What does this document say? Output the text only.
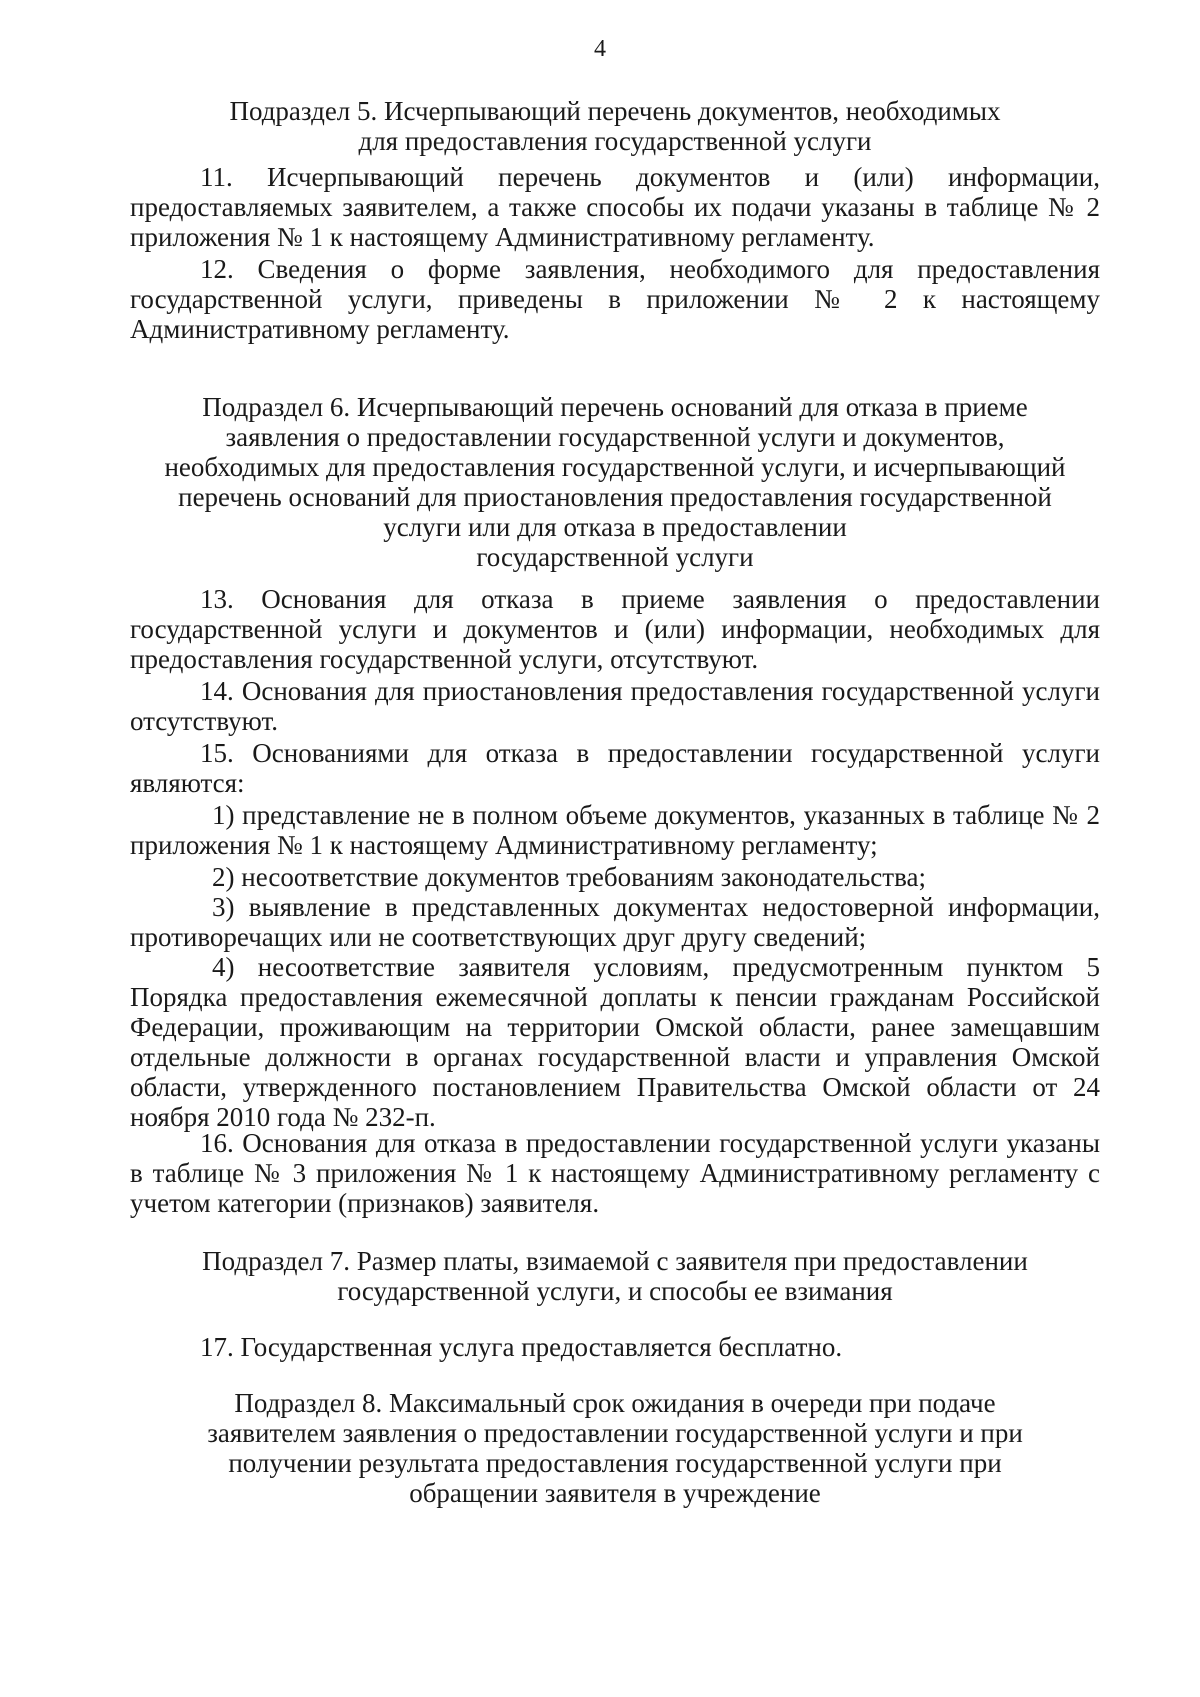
4
Подраздел 5. Исчерпывающий перечень документов, необходимых
для предоставления государственной услуги

11. Исчерпывающий перечень документов и (или) информации, предоставляемых заявителем, а также способы их подачи указаны в таблице № 2 приложения № 1 к настоящему Административному регламенту.

12. Сведения о форме заявления, необходимого для предоставления государственной услуги, приведены в приложении № 2 к настоящему Административному регламенту.

Подраздел 6. Исчерпывающий перечень оснований для отказа в приеме
заявления о предоставлении государственной услуги и документов,
необходимых для предоставления государственной услуги, и исчерпывающий
перечень оснований для приостановления предоставления государственной
услуги или для отказа в предоставлении
государственной услуги

13. Основания для отказа в приеме заявления о предоставлении государственной услуги и документов и (или) информации, необходимых для предоставления государственной услуги, отсутствуют.

14. Основания для приостановления предоставления государственной услуги отсутствуют.

15. Основаниями для отказа в предоставлении государственной услуги являются:

1) представление не в полном объеме документов, указанных в таблице № 2 приложения № 1 к настоящему Административному регламенту;

2) несоответствие документов требованиям законодательства;

3) выявление в представленных документах недостоверной информации, противоречащих или не соответствующих друг другу сведений;

4) несоответствие заявителя условиям, предусмотренным пунктом 5 Порядка предоставления ежемесячной доплаты к пенсии гражданам Российской Федерации, проживающим на территории Омской области, ранее замещавшим отдельные должности в органах государственной власти и управления Омской области, утвержденного постановлением Правительства Омской области от 24 ноября 2010 года № 232-п.

16. Основания для отказа в предоставлении государственной услуги указаны в таблице № 3 приложения № 1 к настоящему Административному регламенту с учетом категории (признаков) заявителя.

Подраздел 7. Размер платы, взимаемой с заявителя при предоставлении
государственной услуги, и способы ее взимания

17. Государственная услуга предоставляется бесплатно.

Подраздел 8. Максимальный срок ожидания в очереди при подаче
заявителем заявления о предоставлении государственной услуги и при
получении результата предоставления государственной услуги при
обращении заявителя в учреждение
